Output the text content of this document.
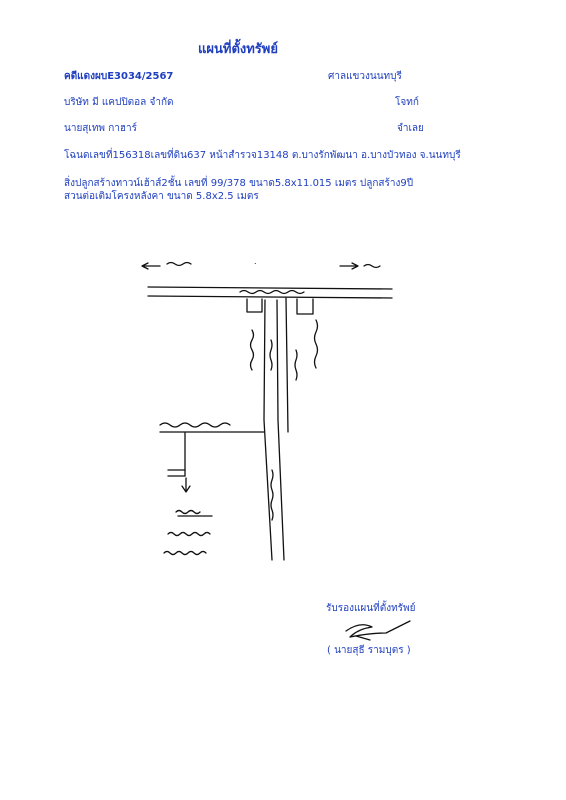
แผนที่ตั้งทรัพย์
คดีแดงผบE3034/2567	ศาลแขวงนนทบุรี
บริษัท มี แคปปิตอล จำกัด	โจทก์
นายสุเทพ กาฮาร์	จำเลย
โฉนดเลขที่156318เลขที่ดิน637 หน้าสำรวจ13148 ต.บางรักพัฒนา อ.บางบัวทอง จ.นนทบุรี
สิ่งปลูกสร้างทาวน์เฮ้าส์2ชั้น เลขที่ 99/378 ขนาด5.8x11.015 เมตร ปลูกสร้าง9ปี
สวนต่อเติมโครงหลังคา ขนาด 5.8x2.5 เมตร
.
รับรองแผนที่ตั้งทรัพย์
( นายสุธี รามบุตร )
